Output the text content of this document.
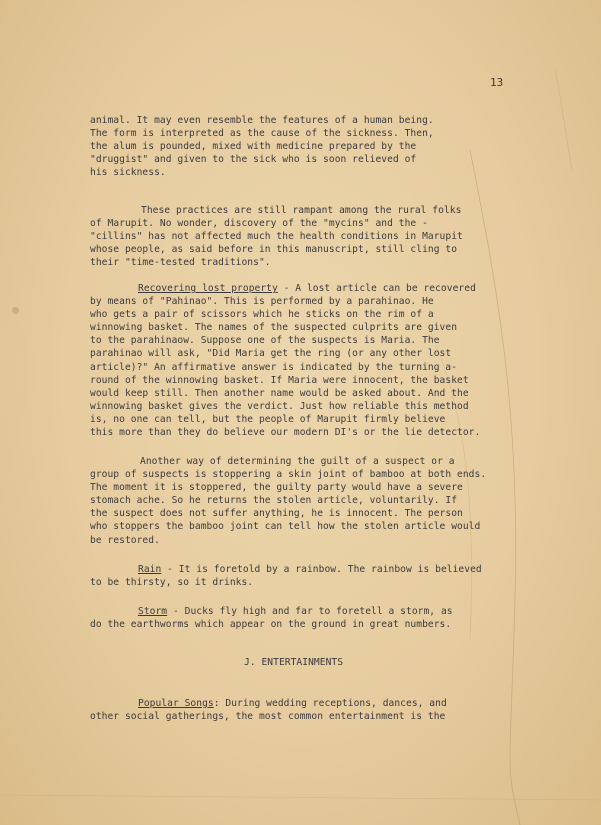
13
animal. It may even resemble the features of a human being.
The form is interpreted as the cause of the sickness. Then,
the alum is pounded, mixed with medicine prepared by the
"druggist" and given to the sick who is soon relieved of
his sickness.
These practices are still rampant among the rural folks
of Marupit. No wonder, discovery of the "mycins" and the -
"cillins" has not affected much the health conditions in Marupit
whose people, as said before in this manuscript, still cling to
their "time-tested traditions".
Recovering lost property - A lost article can be recovered
by means of "Pahinao". This is performed by a parahinao. He
who gets a pair of scissors which he sticks on the rim of a
winnowing basket. The names of the suspected culprits are given
to the parahinaow. Suppose one of the suspects is Maria. The
parahinao will ask, "Did Maria get the ring (or any other lost
article)?" An affirmative answer is indicated by the turning a-
round of the winnowing basket. If Maria were innocent, the basket
would keep still. Then another name would be asked about. And the
winnowing basket gives the verdict. Just how reliable this method
is, no one can tell, but the people of Marupit firmly believe
this more than they do believe our modern DI's or the lie detector.
Another way of determining the guilt of a suspect or a
group of suspects is stoppering a skin joint of bamboo at both ends.
The moment it is stoppered, the guilty party would have a severe
stomach ache. So he returns the stolen article, voluntarily. If
the suspect does not suffer anything, he is innocent. The person
who stoppers the bamboo joint can tell how the stolen article would
be restored.
Rain - It is foretold by a rainbow. The rainbow is believed
to be thirsty, so it drinks.
Storm - Ducks fly high and far to foretell a storm, as
do the earthworms which appear on the ground in great numbers.
J. ENTERTAINMENTS
Popular Songs: During wedding receptions, dances, and
other social gatherings, the most common entertainment is the
